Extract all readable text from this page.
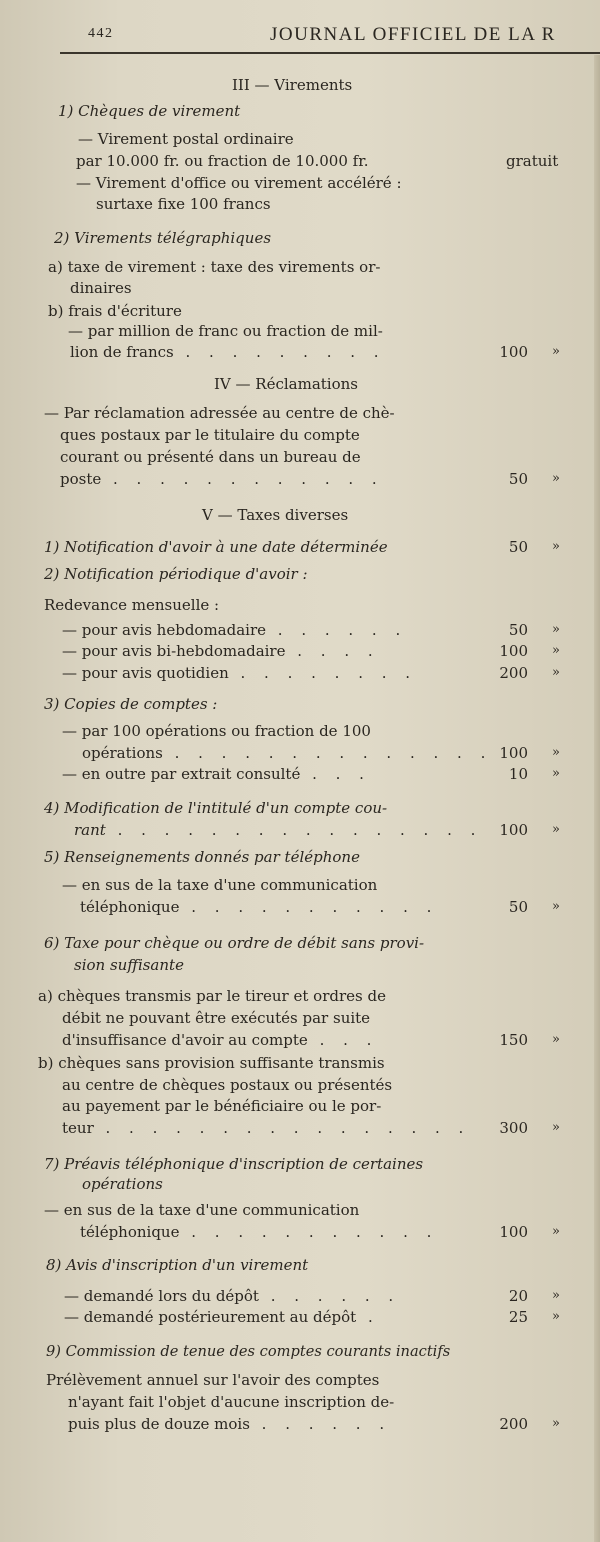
442	JOURNAL OFFICIEL DE LA R
III — Virements
1) Chèques de virement
— Virement postal ordinaire
par 10.000 fr. ou fraction de 10.000 fr.	gratuit
— Virement d'office ou virement accéléré :
surtaxe fixe 100 francs
2) Virements télégraphiques
a) taxe de virement : taxe des virements or-
dinaires
b) frais d'écriture
— par million de franc ou fraction de mil-
lion de francs . . . . . . . . .	100 »
IV — Réclamations
— Par réclamation adressée au centre de chè-
ques postaux par le titulaire du compte
courant ou présenté dans un bureau de
poste . . . . . . . . . . . .	50 »
V — Taxes diverses
1) Notification d'avoir à une date déterminée	50 »
2) Notification périodique d'avoir :
Redevance mensuelle :
— pour avis hebdomadaire . . . . . .	50 »
— pour avis bi-hebdomadaire . . . .	100 »
— pour avis quotidien . . . . . . . .	200 »
3) Copies de comptes :
— par 100 opérations ou fraction de 100
opérations . . . . . . . . . . . . . . 100 »
— en outre par extrait consulté . . .	10 »
4) Modification de l'intitulé d'un compte cou-
rant . . . . . . . . . . . . . . . .	100 »
5) Renseignements donnés par téléphone
— en sus de la taxe d'une communication
téléphonique . . . . . . . . . . .	50 »
6) Taxe pour chèque ou ordre de débit sans provi-
sion suffisante
a) chèques transmis par le tireur et ordres de
débit ne pouvant être exécutés par suite
d'insuffisance d'avoir au compte . . .	150 »
b) chèques sans provision suffisante transmis
au centre de chèques postaux ou présentés
au payement par le bénéficiaire ou le por-
teur . . . . . . . . . . . . . . . .	300 »
7) Préavis téléphonique d'inscription de certaines
opérations
— en sus de la taxe d'une communication
téléphonique . . . . . . . . . . .	100 »
8) Avis d'inscription d'un virement
— demandé lors du dépôt . . . . . .	20 »
— demandé postérieurement au dépôt .	25 »
9) Commission de tenue des comptes courants inactifs
Prélèvement annuel sur l'avoir des comptes
n'ayant fait l'objet d'aucune inscription de-
puis plus de douze mois . . . . . .	200 »
